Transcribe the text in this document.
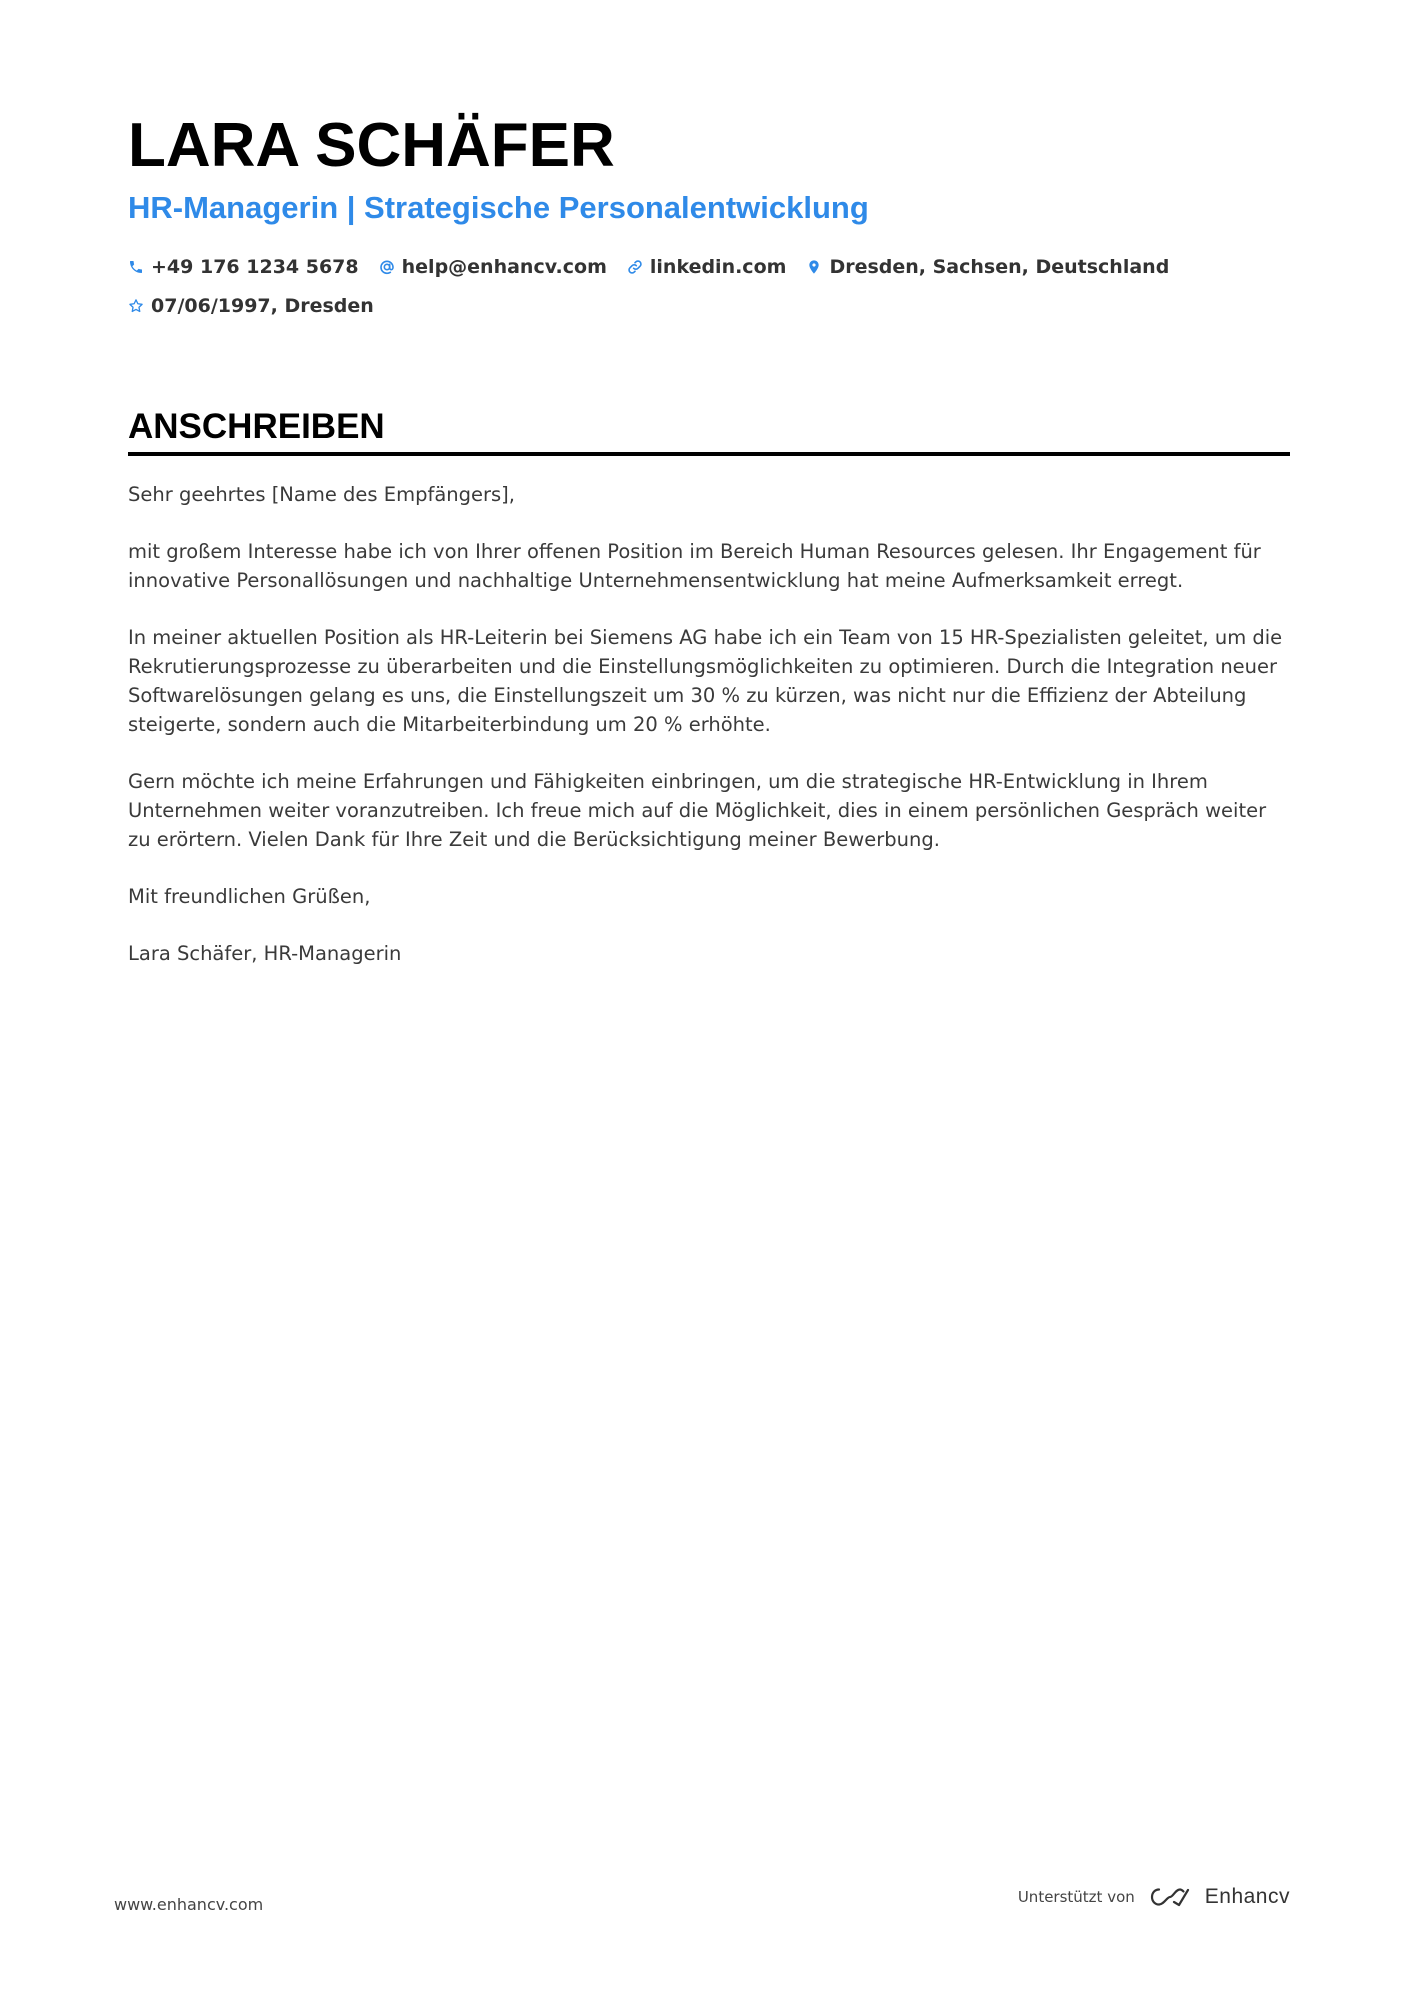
LARA SCHÄFER
HR-Managerin | Strategische Personalentwicklung
+49 176 1234 5678 help@enhancv.com linkedin.com Dresden, Sachsen, Deutschland
07/06/1997, Dresden
ANSCHREIBEN

Sehr geehrtes [Name des Empfängers],

mit großem Interesse habe ich von Ihrer offenen Position im Bereich Human Resources gelesen. Ihr Engagement für innovative Personallösungen und nachhaltige Unternehmensentwicklung hat meine Aufmerksamkeit erregt.

In meiner aktuellen Position als HR-Leiterin bei Siemens AG habe ich ein Team von 15 HR-Spezialisten geleitet, um die Rekrutierungsprozesse zu überarbeiten und die Einstellungsmöglichkeiten zu optimieren. Durch die Integration neuer Softwarelösungen gelang es uns, die Einstellungszeit um 30 % zu kürzen, was nicht nur die Effizienz der Abteilung steigerte, sondern auch die Mitarbeiterbindung um 20 % erhöhte.

Gern möchte ich meine Erfahrungen und Fähigkeiten einbringen, um die strategische HR-Entwicklung in Ihrem Unternehmen weiter voranzutreiben. Ich freue mich auf die Möglichkeit, dies in einem persönlichen Gespräch weiter zu erörtern. Vielen Dank für Ihre Zeit und die Berücksichtigung meiner Bewerbung.

Mit freundlichen Grüßen,

Lara Schäfer, HR-Managerin

www.enhancv.com	Unterstützt von	Enhancv
